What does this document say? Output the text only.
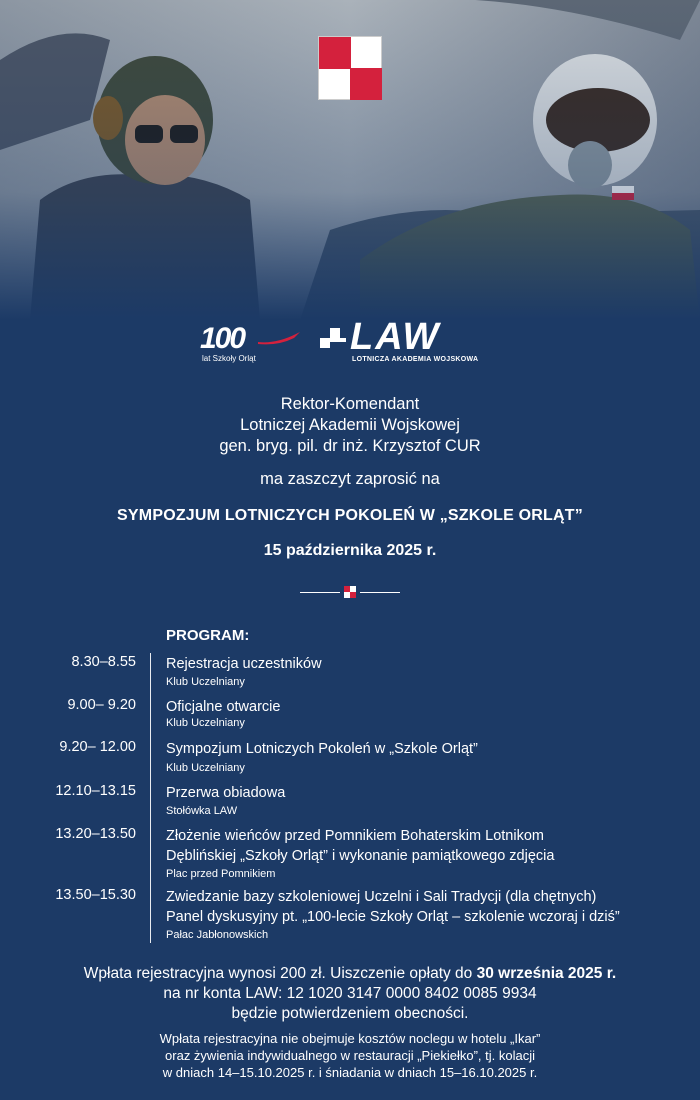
100
lat Szkoły Orląt
LAW
LOTNICZA AKADEMIA WOJSKOWA
Rektor-Komendant
Lotniczej Akademii Wojskowej
gen. bryg. pil. dr inż. Krzysztof CUR
ma zaszczyt zaprosić na
SYMPOZJUM LOTNICZYCH POKOLEŃ W „SZKOLE ORLĄT”
15 października 2025 r.
PROGRAM:
8.30–8.55 Rejestracja uczestników
Klub Uczelniany
9.00– 9.20 Oficjalne otwarcie
Klub Uczelniany
9.20– 12.00 Sympozjum Lotniczych Pokoleń w „Szkole Orląt”
Klub Uczelniany
12.10–13.15 Przerwa obiadowa
Stołówka LAW
13.20–13.50 Złożenie wieńców przed Pomnikiem Bohaterskim Lotnikom
Dęblińskiej „Szkoły Orląt” i wykonanie pamiątkowego zdjęcia
Plac przed Pomnikiem
13.50–15.30 Zwiedzanie bazy szkoleniowej Uczelni i Sali Tradycji (dla chętnych)
Panel dyskusyjny pt. „100-lecie Szkoły Orląt – szkolenie wczoraj i dziś”
Pałac Jabłonowskich
Wpłata rejestracyjna wynosi 200 zł. Uiszczenie opłaty do 30 września 2025 r.
na nr konta LAW: 12 1020 3147 0000 8402 0085 9934
będzie potwierdzeniem obecności.
Wpłata rejestracyjna nie obejmuje kosztów noclegu w hotelu „Ikar”
oraz żywienia indywidualnego w restauracji „Piekiełko”, tj. kolacji
w dniach 14–15.10.2025 r. i śniadania w dniach 15–16.10.2025 r.
